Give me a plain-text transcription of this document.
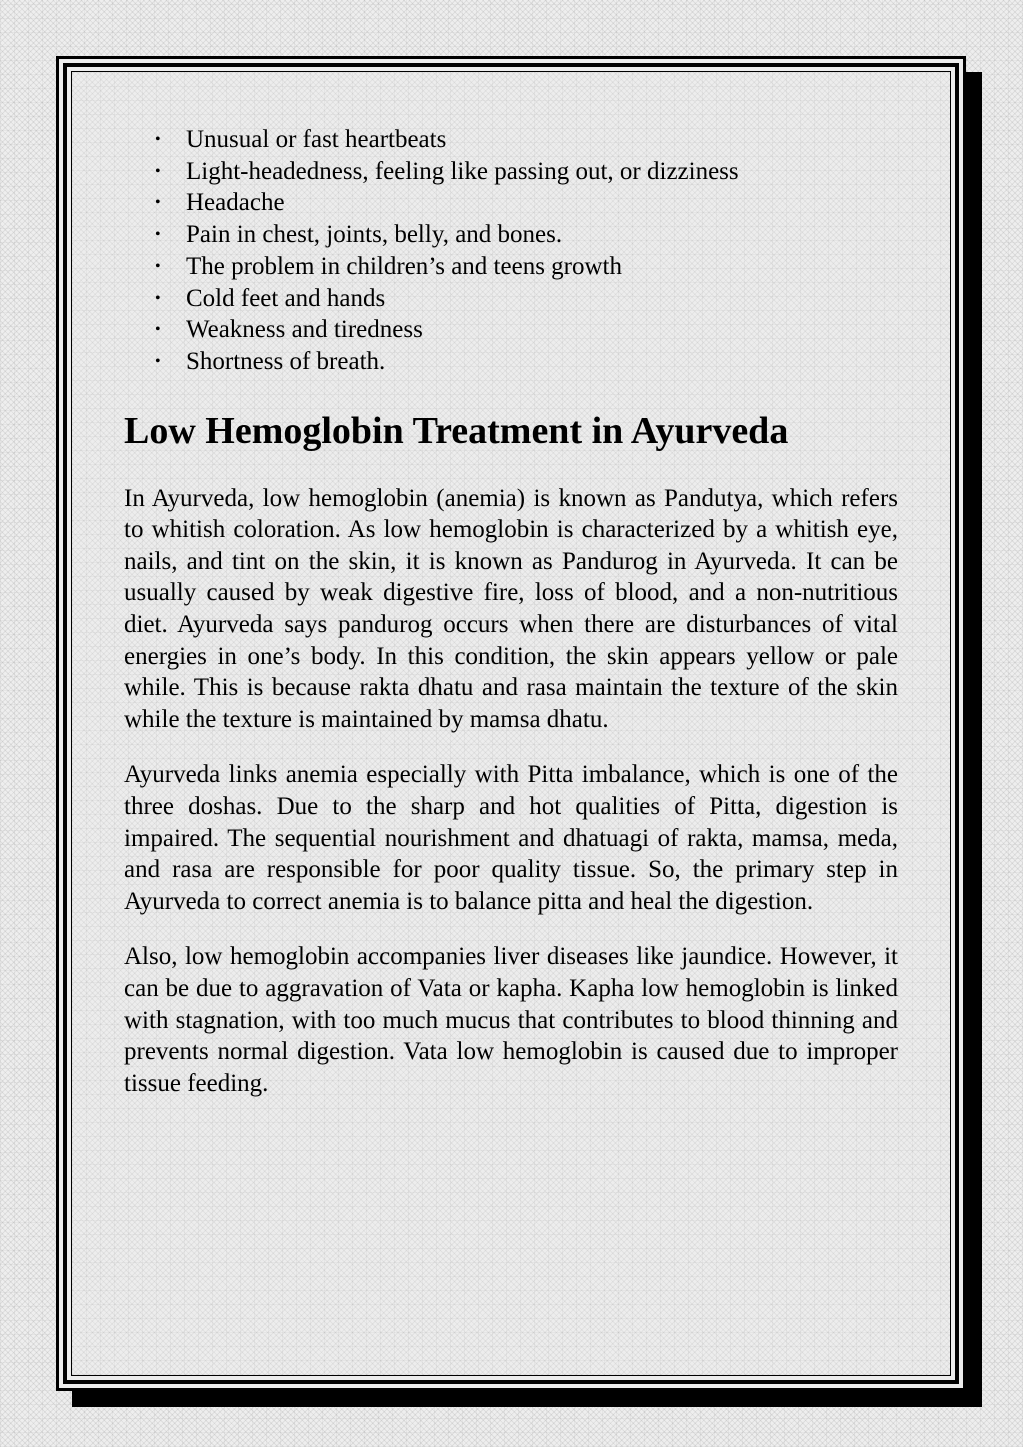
• Unusual or fast heartbeats
• Light-headedness, feeling like passing out, or dizziness
• Headache
• Pain in chest, joints, belly, and bones.
• The problem in children’s and teens growth
• Cold feet and hands
• Weakness and tiredness
• Shortness of breath.
Low Hemoglobin Treatment in Ayurveda

In Ayurveda, low hemoglobin (anemia) is known as Pandutya, which refers to whitish coloration. As low hemoglobin is characterized by a whitish eye, nails, and tint on the skin, it is known as Pandurog in Ayurveda. It can be usually caused by weak digestive fire, loss of blood, and a non-nutritious diet. Ayurveda says pandurog occurs when there are disturbances of vital energies in one’s body. In this condition, the skin appears yellow or pale while. This is because rakta dhatu and rasa maintain the texture of the skin while the texture is maintained by mamsa dhatu.

Ayurveda links anemia especially with Pitta imbalance, which is one of the three doshas. Due to the sharp and hot qualities of Pitta, digestion is impaired. The sequential nourishment and dhatuagi of rakta, mamsa, meda, and rasa are responsible for poor quality tissue. So, the primary step in Ayurveda to correct anemia is to balance pitta and heal the digestion.

Also, low hemoglobin accompanies liver diseases like jaundice. However, it can be due to aggravation of Vata or kapha. Kapha low hemoglobin is linked with stagnation, with too much mucus that contributes to blood thinning and prevents normal digestion. Vata low hemoglobin is caused due to improper tissue feeding.
